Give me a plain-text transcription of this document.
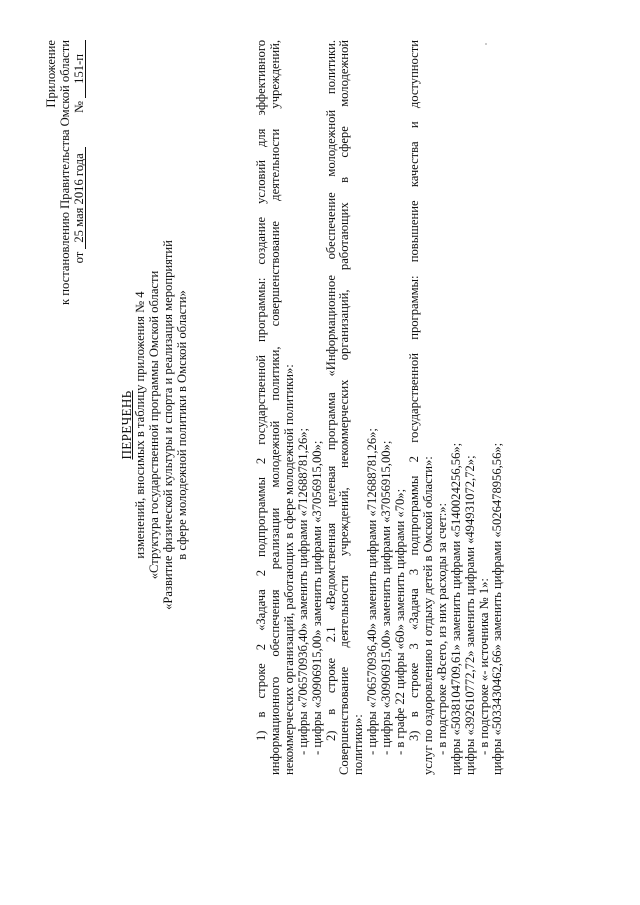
Приложение к постановлению Правительства Омской области от 25 мая 2016 года  № 151-п
ПЕРЕЧЕНЬ
изменений, вносимых в таблицу приложения № 4 «Структура государственной программы Омской области «Развитие физической культуры и спорта и реализация мероприятий в сфере молодежной политики в Омской области»	1) в строке 2 «Задача 2 подпрограммы 2 государственной программы: создание условий для эффективного информационного обеспечения реализации молодежной политики, совершенствование деятельности учреждений, некоммерческих организаций, работающих в сфере молодежной политики»: - цифры «70657093б,40» заменить цифрами «712688781,26»; - цифры «30906915,00» заменить цифрами «37056915,00»; 2) в строке 2.1 «Ведомственная целевая программа «Информационное обеспечение молодежной политики. Совершенствование деятельности учреждений, некоммерческих организаций, работающих в сфере молодежной политики»: - цифры «706570936,40» заменить цифрами «712688781,26»; - цифры «30906915,00» заменить цифрами «37056915,00»; - в графе 22 цифры «60» заменить цифрами «70»; 3) в строке 3 «Задача 3 подпрограммы 2 государственной программы: повышение качества и доступности услуг по оздоровлению и отдыху детей в Омской области»: - в подстроке «Всего, из них расходы за счет:»: цифры «5038104709,61» заменить цифрами «5140024256,56»; цифры «392610772,72» заменить цифрами «494931072,72»; - в подстроке «- источника № 1»: цифры «5033430462,66» заменить цифрами «5026478956,56»;
